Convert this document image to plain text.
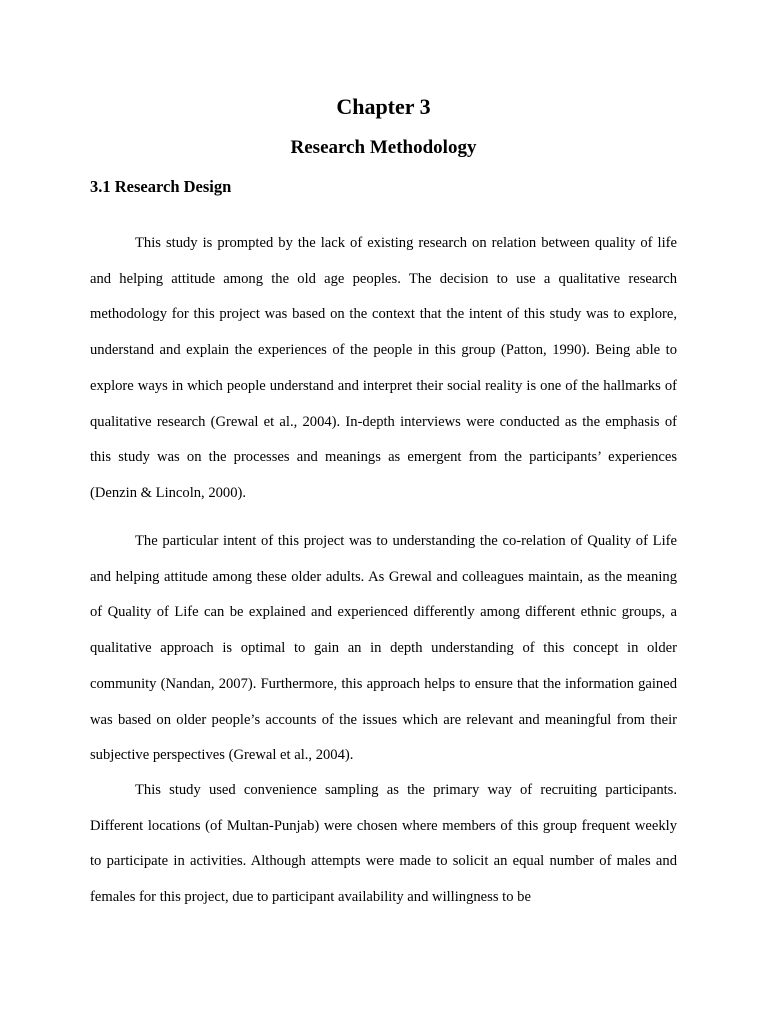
Chapter 3
Research Methodology
3.1 Research Design

This study is prompted by the lack of existing research on relation between quality of life and helping attitude among the old age peoples. The decision to use a qualitative research methodology for this project was based on the context that the intent of this study was to explore, understand and explain the experiences of the people in this group (Patton, 1990). Being able to explore ways in which people understand and interpret their social reality is one of the hallmarks of qualitative research (Grewal et al., 2004). In-depth interviews were conducted as the emphasis of this study was on the processes and meanings as emergent from the participants’ experiences (Denzin & Lincoln, 2000).

The particular intent of this project was to understanding the co-relation of Quality of Life and helping attitude among these older adults. As Grewal and colleagues maintain, as the meaning of Quality of Life can be explained and experienced differently among different ethnic groups, a qualitative approach is optimal to gain an in depth understanding of this concept in older community (Nandan, 2007). Furthermore, this approach helps to ensure that the information gained was based on older people’s accounts of the issues which are relevant and meaningful from their subjective perspectives (Grewal et al., 2004).

This study used convenience sampling as the primary way of recruiting participants. Different locations (of Multan-Punjab) were chosen where members of this group frequent weekly to participate in activities. Although attempts were made to solicit an equal number of males and females for this project, due to participant availability and willingness to be
